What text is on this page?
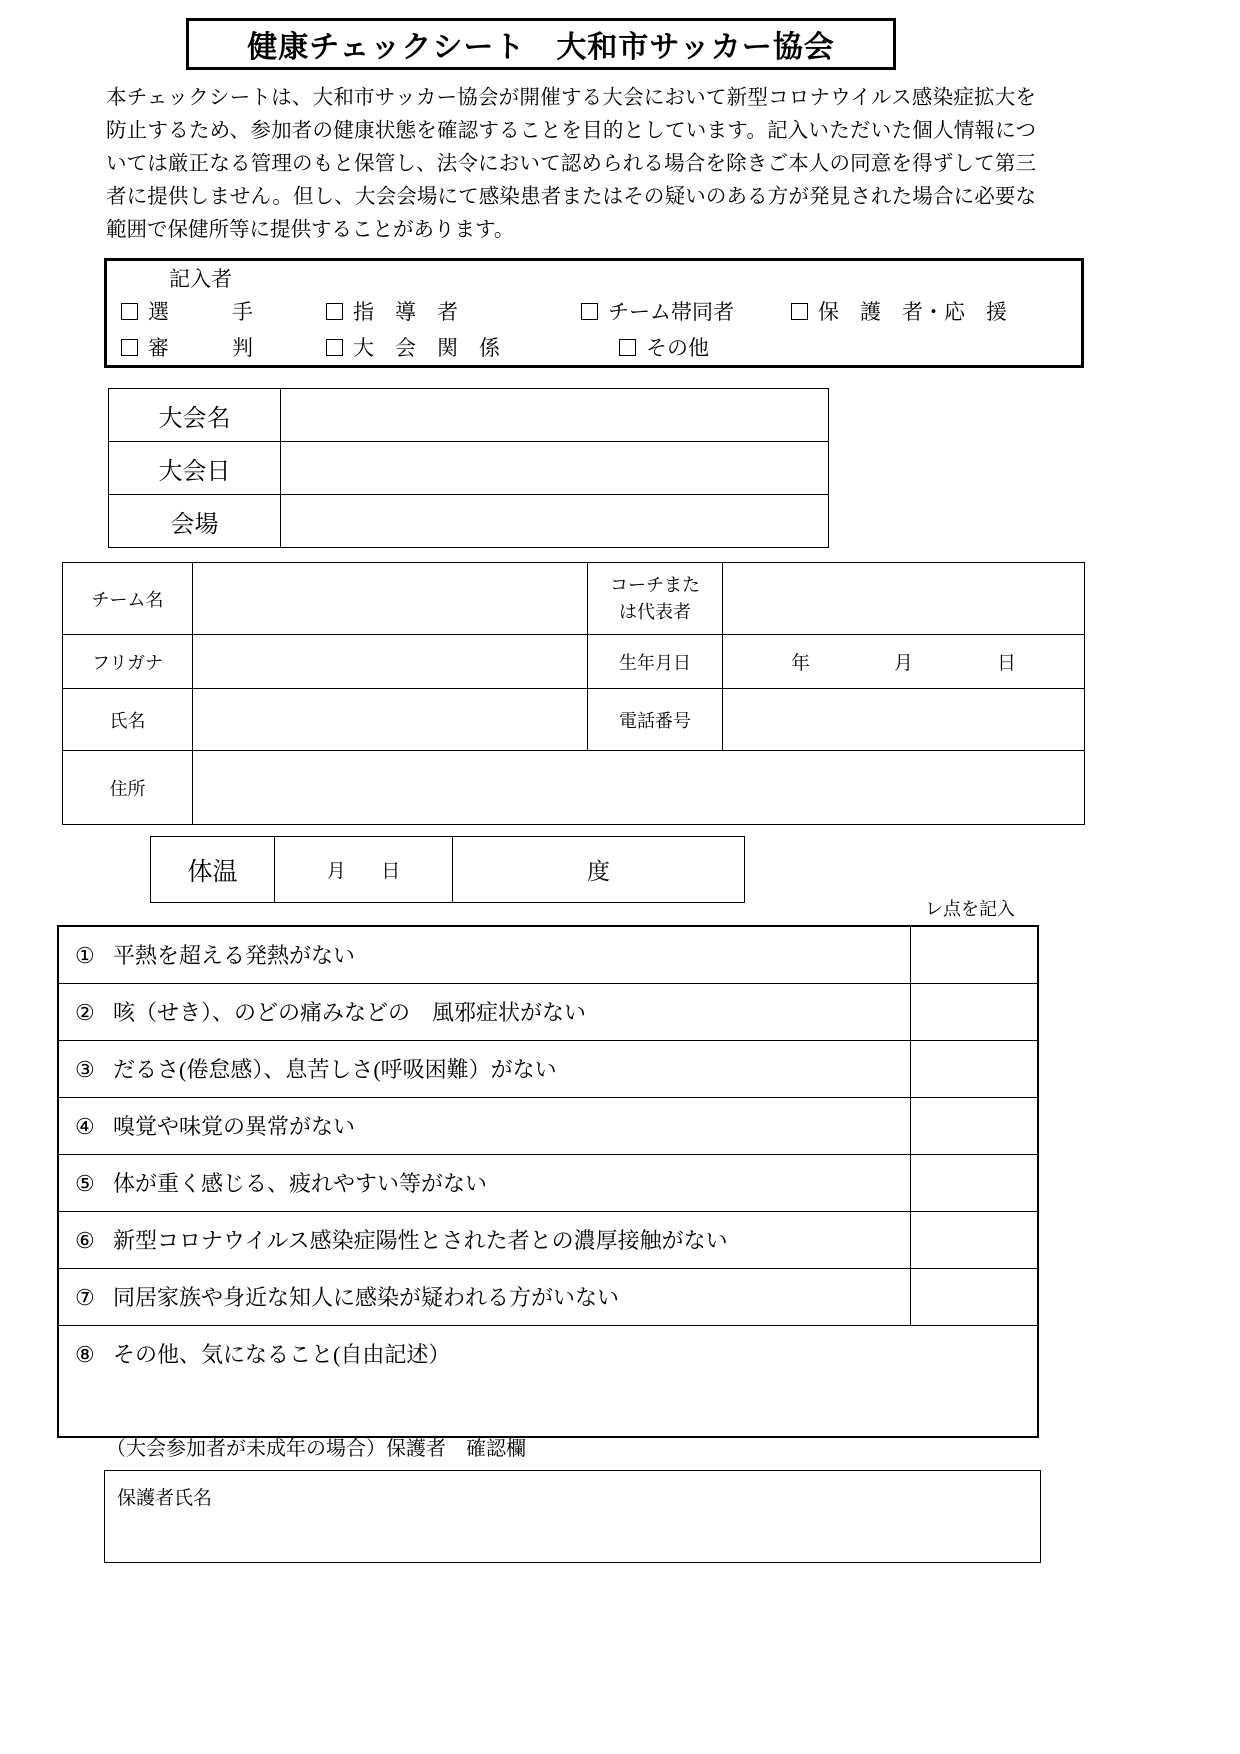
健康チェックシート　大和市サッカー協会
本チェックシートは、大和市サッカー協会が開催する大会において新型コロナウイルス感染症拡大を防止するため、参加者の健康状態を確認することを目的としています。記入いただいた個人情報については厳正なる管理のもと保管し、法令において認められる場合を除きご本人の同意を得ずして第三者に提供しません。但し、大会会場にて感染患者またはその疑いのある方が発見された場合に必要な範囲で保健所等に提供することがあります。
記入者
選　　　手	指　導　者	チーム帯同者	保　護　者・応　援
審　　　判	大　会　関　係	その他
大会名	
大会日	
会場	
チーム名		コーチまた
は代表者	

フリガナ		生年月日	年 月 日

氏名		電話番号	
住所			
体温	月 日	度
レ点を記入
① 平熱を超える発熱がない	
② 咳（せき）、のどの痛みなどの　風邪症状がない	
③ だるさ(倦怠感）、息苦しさ(呼吸困難）がない	
④ 嗅覚や味覚の異常がない	
⑤ 体が重く感じる、疲れやすい等がない	
⑥ 新型コロナウイルス感染症陽性とされた者との濃厚接触がない	
⑦ 同居家族や身近な知人に感染が疑われる方がいない	
⑧ その他、気になること(自由記述）	
（大会参加者が未成年の場合）保護者　確認欄
保護者氏名
